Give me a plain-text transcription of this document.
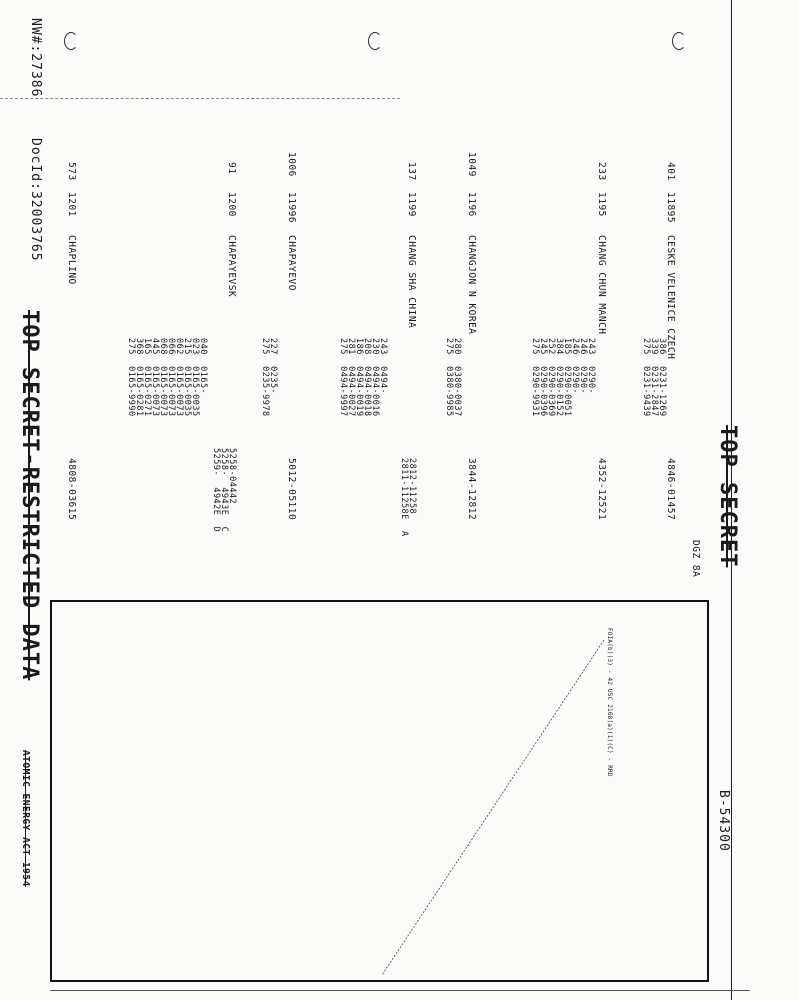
NW#:27386
DocId:32003765
TOP SECRET
DGZ 8A
B-54300
TOP SECRET-RESTRICTED DATA
ATOMIC ENERGY ACT 1954
401
11895
CESKE VELENICE CZECH
386  0231-1269
339  0231-2847
275  0231-9439
4846-01457
233
1195
CHANG CHUN MANCH
243  0290-
246  0290-
246  0290-
185  0290-0051
384  0290-0152
252  0290-0369
245  0290-0396
275  0290-9931
4352-12521
1049
1196
CHANGJON N KOREA
280  0380-0037
275  0380-9985
3844-12812
137
1199
CHANG SHA CHINA
243  0494-
230  0494-0016
208  0494-0018
186  0494-0019
281  0494-0027
275  0494-9997
2812-11258
2811-11258E  A
1006
11996
CHAPAYEVO
227  0235-
275  0235-9978
5012-05110
91
1200
CHAPAYEVSK
040  0165-
023  0165-0035
215  0165-0035
062  0165-0073
066  0165-0073
068  0165-0073
445  0165-0073
165  0165-0271
368  0165-0281
275  0165-9990
5258-04442
5258-  4943E  C
5259-  4942E  D
573
1201
CHAPLINO
4808-03615
FOIA(b)(3) - 42 USC 2168(a)(1)(C) - RRD
